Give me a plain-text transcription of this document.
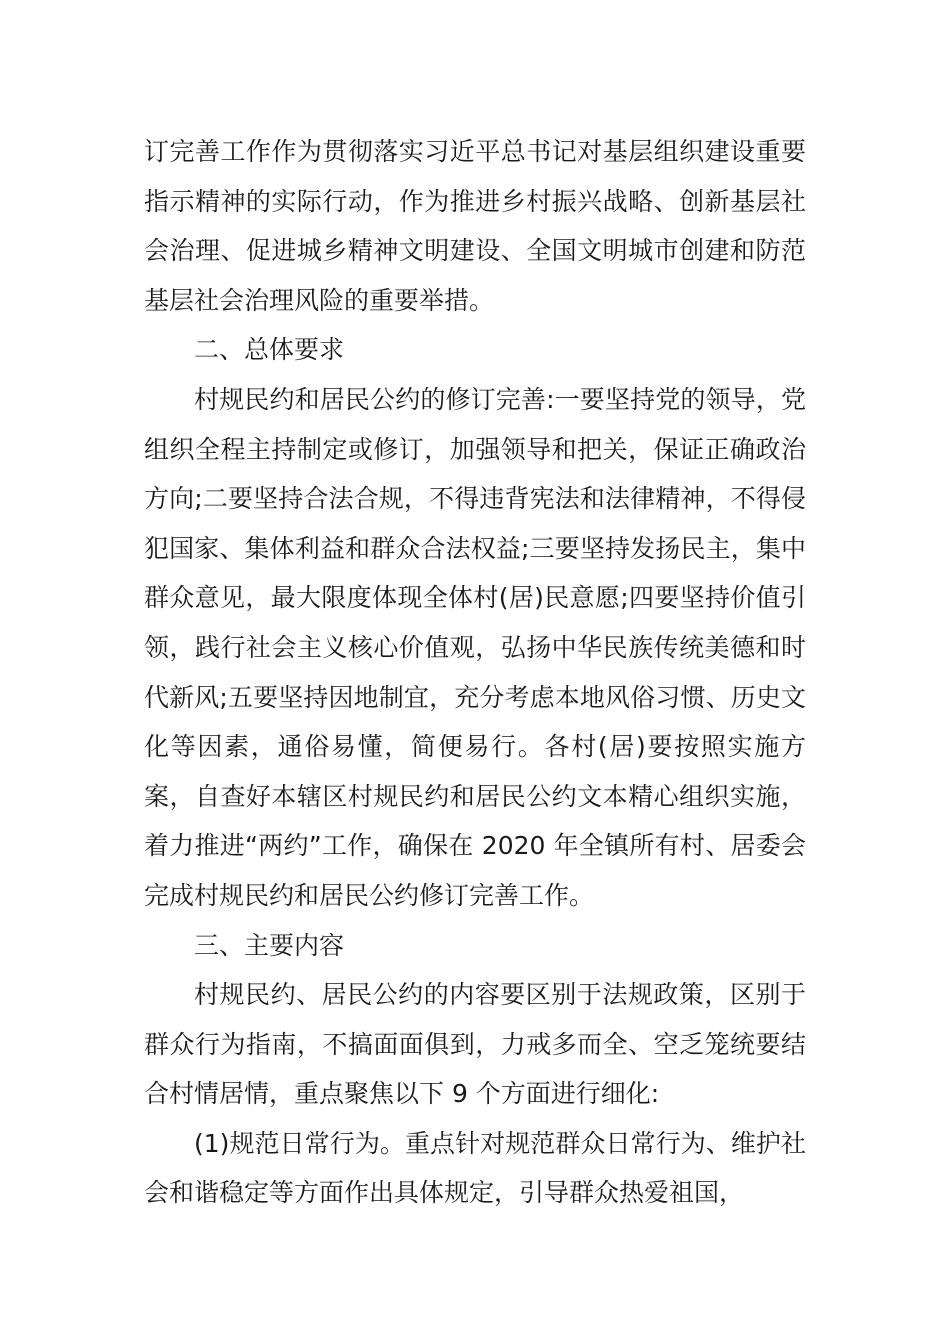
订完善工作作为贯彻落实习近平总书记对基层组织建设重要指示精神的实际行动，作为推进乡村振兴战略、创新基层社会治理、促进城乡精神文明建设、全国文明城市创建和防范基层社会治理风险的重要举措。

二、总体要求

村规民约和居民公约的修订完善:一要坚持党的领导，党组织全程主持制定或修订，加强领导和把关，保证正确政治方向;二要坚持合法合规，不得违背宪法和法律精神，不得侵犯国家、集体利益和群众合法权益;三要坚持发扬民主，集中群众意见，最大限度体现全体村(居)民意愿;四要坚持价值引领，践行社会主义核心价值观，弘扬中华民族传统美德和时代新风;五要坚持因地制宜，充分考虑本地风俗习惯、历史文化等因素，通俗易懂，简便易行。各村(居)要按照实施方案，自查好本辖区村规民约和居民公约文本精心组织实施，着力推进“两约”工作，确保在 2020 年全镇所有村、居委会完成村规民约和居民公约修订完善工作。

三、主要内容

村规民约、居民公约的内容要区别于法规政策，区别于群众行为指南，不搞面面俱到，力戒多而全、空乏笼统要结合村情居情，重点聚焦以下 9 个方面进行细化:

(1)规范日常行为。重点针对规范群众日常行为、维护社会和谐稳定等方面作出具体规定，引导群众热爱祖国，
